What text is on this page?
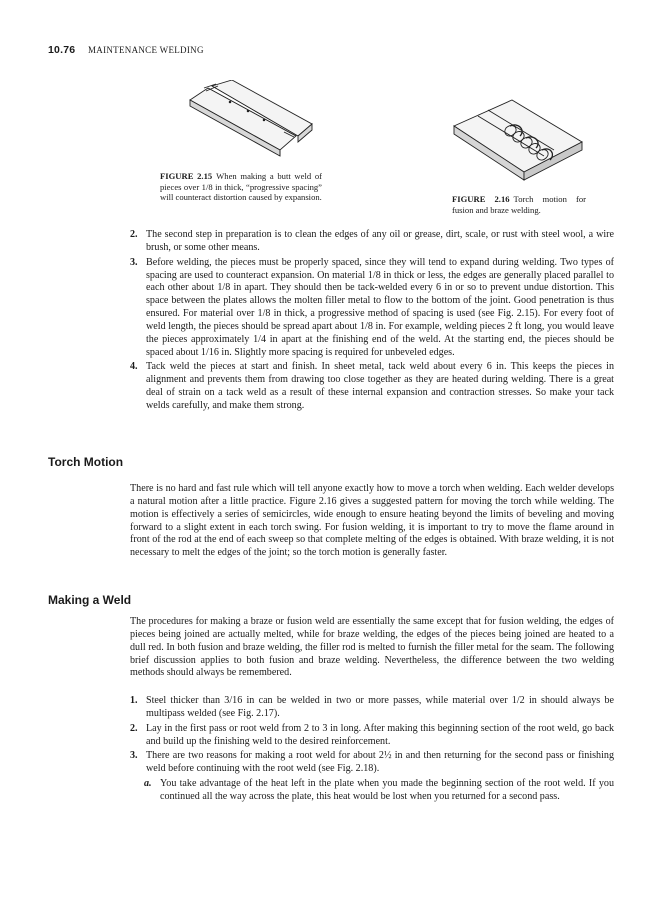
10.76 MAINTENANCE WELDING
FIGURE 2.15 When making a butt weld of pieces over 1/8 in thick, “progressive spacing” will counteract distortion caused by expansion.	FIGURE 2.16 Torch motion for fusion and braze welding.
2. The second step in preparation is to clean the edges of any oil or grease, dirt, scale, or rust with steel wool, a wire brush, or some other means.
3. Before welding, the pieces must be properly spaced, since they will tend to expand during welding. Two types of spacing are used to counteract expansion. On material 1/8 in thick or less, the edges are generally placed parallel to each other about 1/8 in apart. They should then be tack-welded every 6 in or so to prevent undue distortion. This space between the plates allows the molten filler metal to flow to the bottom of the joint. Good penetration is thus ensured. For material over 1/8 in thick, a progressive method of spacing is used (see Fig. 2.15). For every foot of weld length, the pieces should be spread apart about 1/8 in. For example, welding pieces 2 ft long, you would leave the pieces approximately 1/4 in apart at the finishing end of the weld. At the starting end, the pieces should be spaced about 1/16 in. Slightly more spacing is required for unbeveled edges.
4. Tack weld the pieces at start and finish. In sheet metal, tack weld about every 6 in. This keeps the pieces in alignment and prevents them from drawing too close together as they are heated during welding. There is a great deal of strain on a tack weld as a result of these internal expansion and contraction stresses. So make your tack welds carefully, and make them strong.
Torch Motion
There is no hard and fast rule which will tell anyone exactly how to move a torch when welding. Each welder develops a natural motion after a little practice. Figure 2.16 gives a suggested pattern for moving the torch while welding. The motion is effectively a series of semicircles, wide enough to ensure heating beyond the limits of beveling and moving forward to a slight extent in each torch swing. For fusion welding, it is important to try to move the flame around in front of the rod at the end of each sweep so that complete melting of the edges is obtained. With braze welding, it is not necessary to melt the edges of the joint; so the torch motion is generally faster.
Making a Weld
The procedures for making a braze or fusion weld are essentially the same except that for fusion welding, the edges of pieces being joined are actually melted, while for braze welding, the edges of the pieces being joined are heated to a dull red. In both fusion and braze welding, the filler rod is melted to furnish the filler metal for the seam. The following brief discussion applies to both fusion and braze welding. Nevertheless, the difference between the two welding methods should always be remembered.
1. Steel thicker than 3/16 in can be welded in two or more passes, while material over 1/2 in should always be multipass welded (see Fig. 2.17).
2. Lay in the first pass or root weld from 2 to 3 in long. After making this beginning section of the root weld, go back and build up the finishing weld to the desired reinforcement.
3. There are two reasons for making a root weld for about 2½ in and then returning for the second pass or finishing weld before continuing with the root weld (see Fig. 2.18).
a. You take advantage of the heat left in the plate when you made the beginning section of the root weld. If you continued all the way across the plate, this heat would be lost when you returned for a second pass.
